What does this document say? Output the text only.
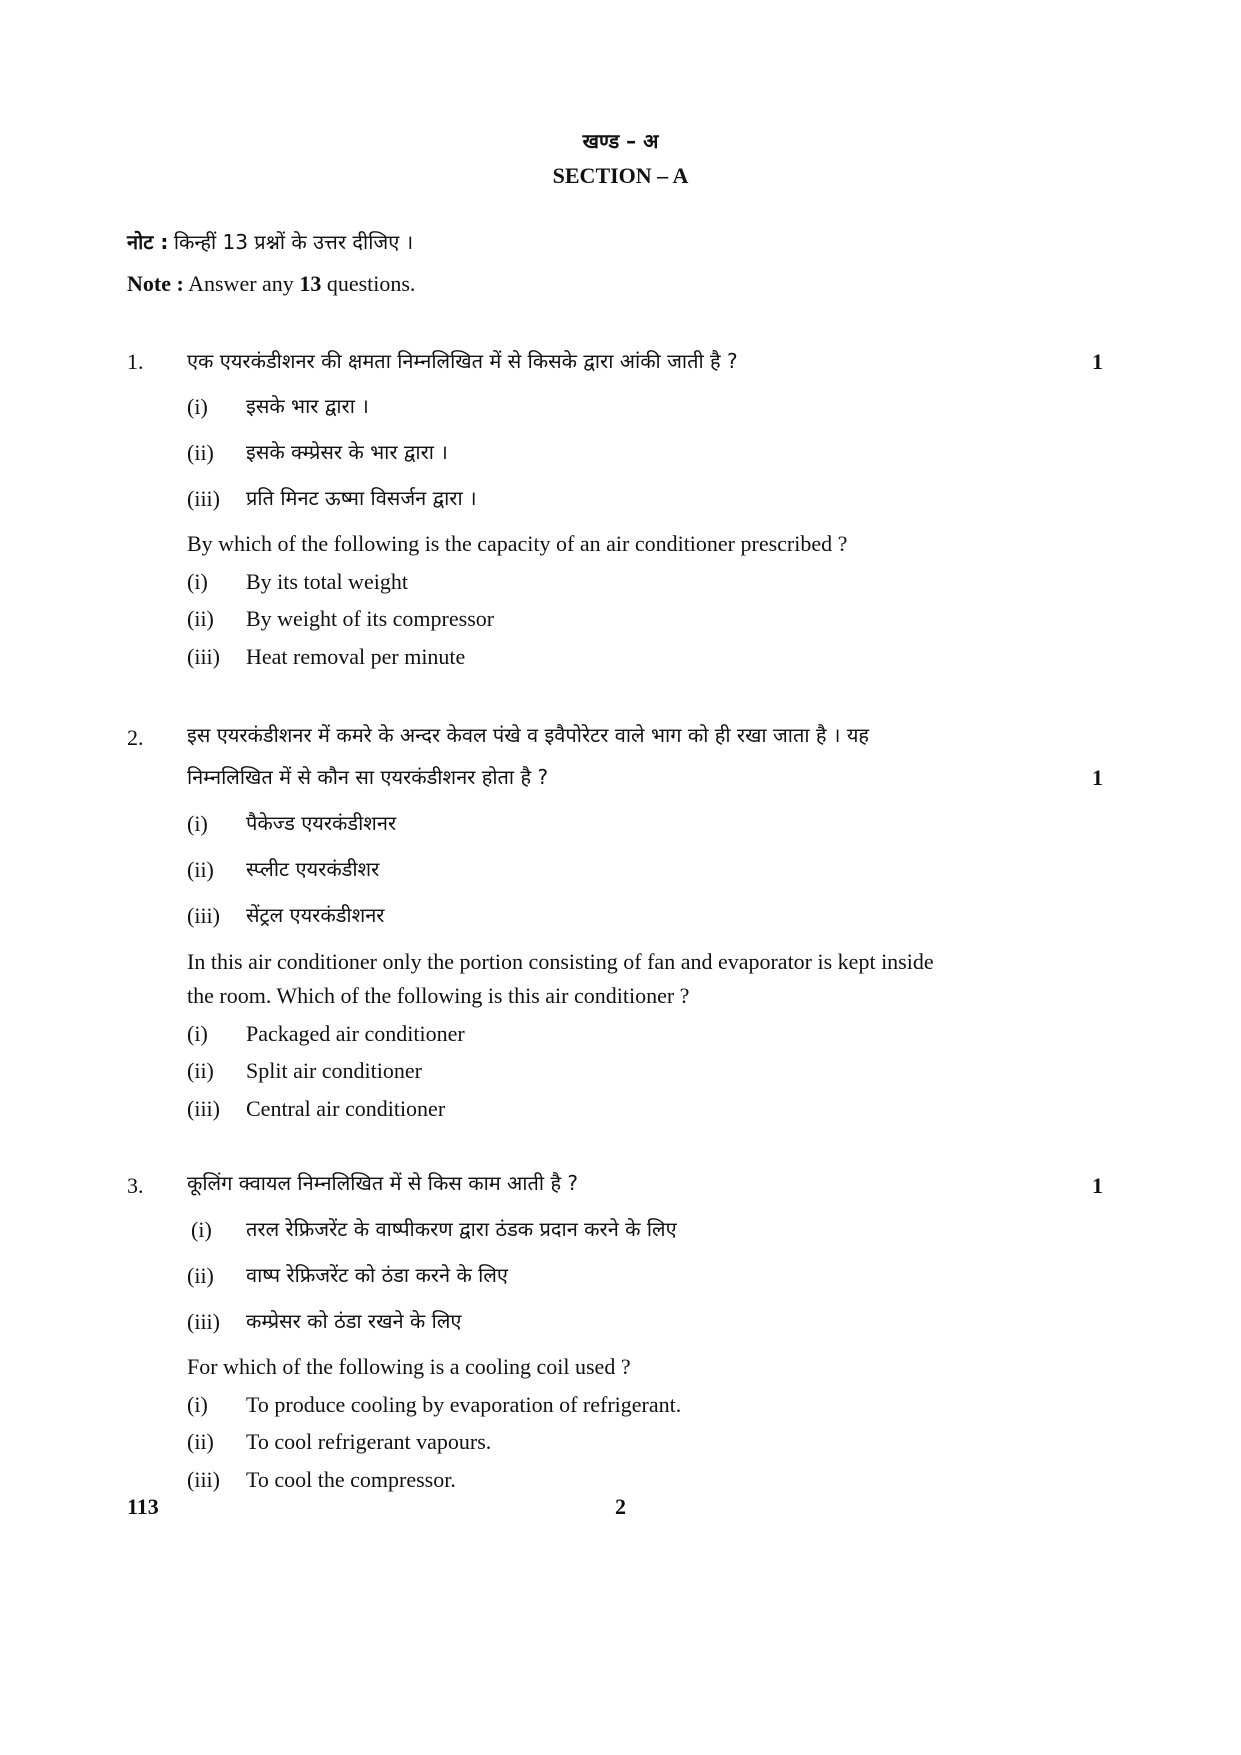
खण्ड – अ
SECTION – A
नोट : किन्हीं 13 प्रश्नों के उत्तर दीजिए ।
Note : Answer any 13 questions.
1. एक एयरकंडीशनर की क्षमता निम्नलिखित में से किसके द्वारा आंकी जाती है ?	1
(i) इसके भार द्वारा ।
(ii) इसके क्म्प्रेसर के भार द्वारा ।
(iii) प्रति मिनट ऊष्मा विसर्जन द्वारा ।
By which of the following is the capacity of an air conditioner prescribed ?
(i) By its total weight
(ii) By weight of its compressor
(iii) Heat removal per minute
2. इस एयरकंडीशनर में कमरे के अन्दर केवल पंखे व इवैपोरेटर वाले भाग को ही रखा जाता है । यह
निम्नलिखित में से कौन सा एयरकंडीशनर होता है ?	1
(i) पैकेज्ड एयरकंडीशनर
(ii) स्प्लीट एयरकंडीशर
(iii) सेंट्रल एयरकंडीशनर
In this air conditioner only the portion consisting of fan and evaporator is kept inside
the room. Which of the following is this air conditioner ?
(i) Packaged air conditioner
(ii) Split air conditioner
(iii) Central air conditioner
3. कूलिंग क्वायल निम्नलिखित में से किस काम आती है ?	1
(i) तरल रेफ्रिजरेंट के वाष्पीकरण द्वारा ठंडक प्रदान करने के लिए
(ii) वाष्प रेफ्रिजरेंट को ठंडा करने के लिए
(iii) कम्प्रेसर को ठंडा रखने के लिए
For which of the following is a cooling coil used ?
(i) To produce cooling by evaporation of refrigerant.
(ii) To cool refrigerant vapours.
(iii) To cool the compressor.
113	2
